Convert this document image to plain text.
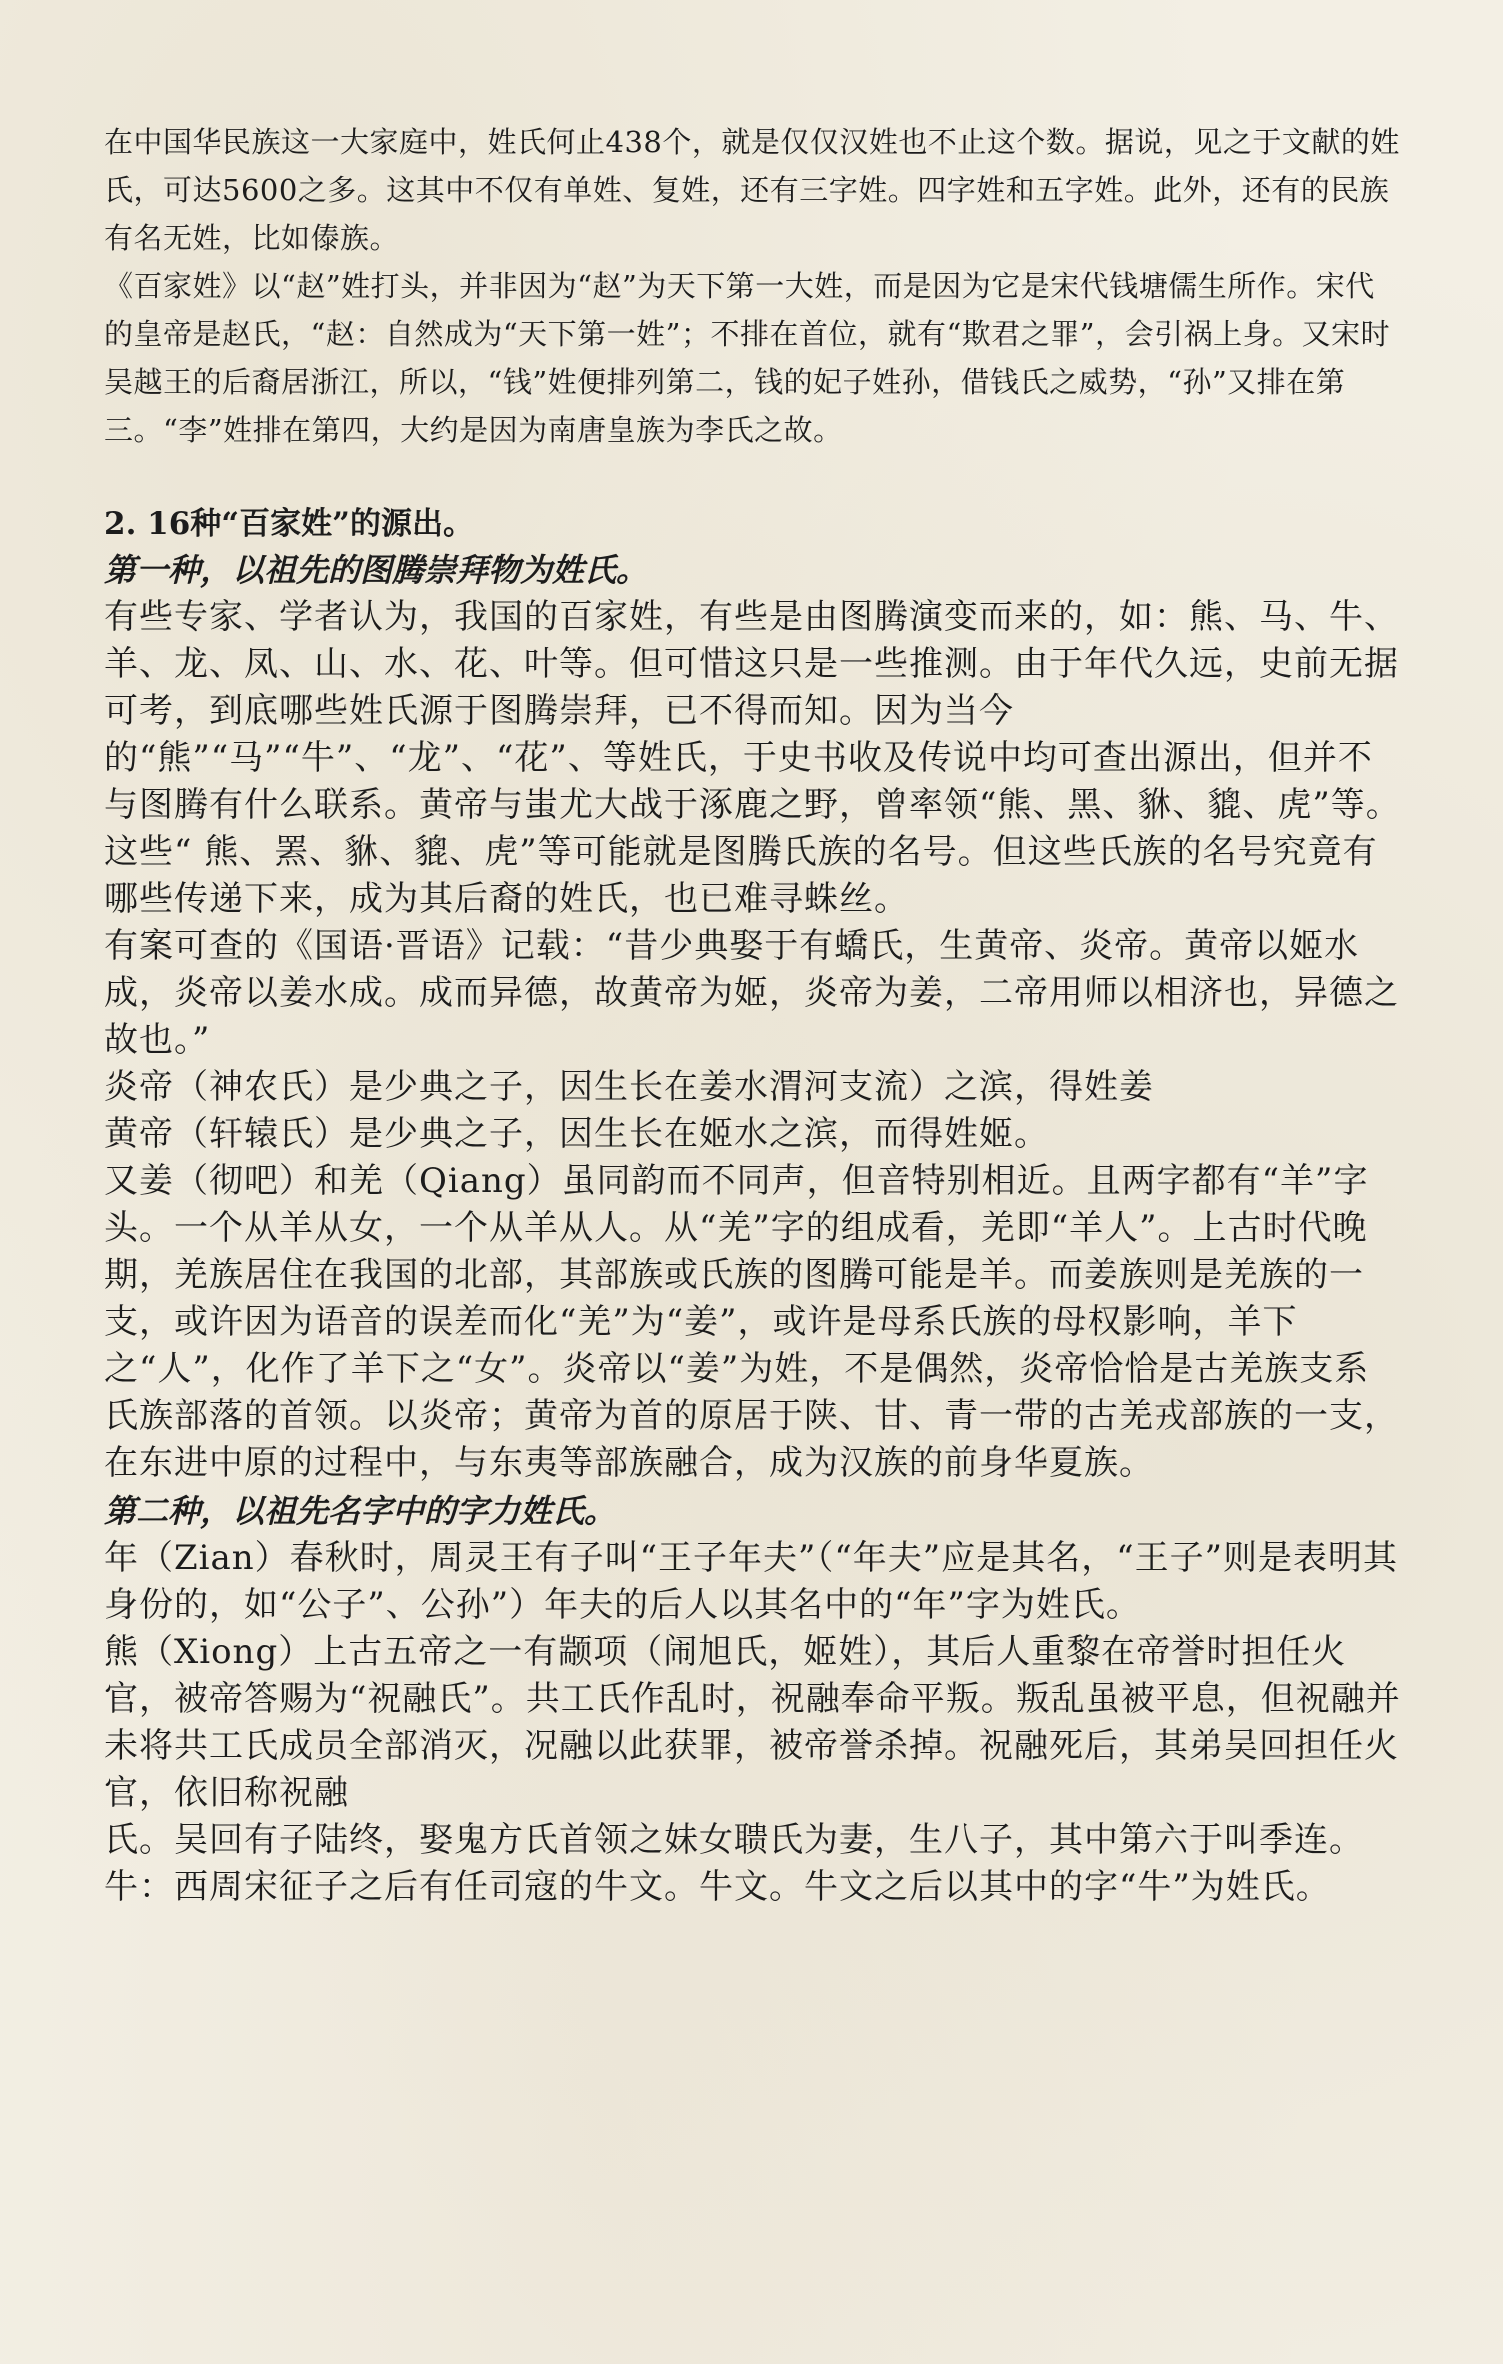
在中国华民族这一大家庭中，姓氏何止438个，就是仅仅汉姓也不止这个数。据说，见之于文献的姓氏，可达5600之多。这其中不仅有单姓、复姓，还有三字姓。四字姓和五字姓。此外，还有的民族有名无姓，比如傣族。

《百家姓》以“赵”姓打头，并非因为“赵”为天下第一大姓，而是因为它是宋代钱塘儒生所作。宋代的皇帝是赵氏，“赵：自然成为“天下第一姓”；不排在首位，就有“欺君之罪”，会引祸上身。又宋时吴越王的后裔居浙江，所以，“钱”姓便排列第二，钱的妃子姓孙，借钱氏之威势，“孙”又排在第三。“李”姓排在第四，大约是因为南唐皇族为李氏之故。

2. 16种“百家姓”的源出。
第一种，以祖先的图腾崇拜物为姓氏。

有些专家、学者认为，我国的百家姓，有些是由图腾演变而来的，如：熊、马、牛、羊、龙、凤、山、水、花、叶等。但可惜这只是一些推测。由于年代久远，史前无据可考，到底哪些姓氏源于图腾崇拜，已不得而知。因为当今的“熊”“马”“牛”、“龙”、“花”、等姓氏，于史书收及传说中均可查出源出，但并不与图腾有什么联系。黄帝与蚩尤大战于涿鹿之野，曾率领“熊、黑、貅、貔、虎”等。这些“ 熊、罴、貅、貔、虎”等可能就是图腾氏族的名号。但这些氏族的名号究竟有哪些传递下来，成为其后裔的姓氏，也已难寻蛛丝。

有案可查的《国语·晋语》记载：“昔少典娶于有蟜氏，生黄帝、炎帝。黄帝以姬水成，炎帝以姜水成。成而异德，故黄帝为姬，炎帝为姜，二帝用师以相济也，异德之故也。”

炎帝（神农氏）是少典之子，因生长在姜水渭河支流）之滨，得姓姜

黄帝（轩辕氏）是少典之子，因生长在姬水之滨，而得姓姬。

又姜（彻吧）和羌（Qiang）虽同韵而不同声，但音特别相近。且两字都有“羊”字头。一个从羊从女，一个从羊从人。从“羌”字的组成看，羌即“羊人”。上古时代晚期，羌族居住在我国的北部，其部族或氏族的图腾可能是羊。而姜族则是羌族的一支，或许因为语音的误差而化“羌”为“姜”，或许是母系氏族的母权影响，羊下之“人”，化作了羊下之“女”。炎帝以“姜”为姓，不是偶然，炎帝恰恰是古羌族支系氏族部落的首领。以炎帝；黄帝为首的原居于陕、甘、青一带的古羌戎部族的一支，在东进中原的过程中，与东夷等部族融合，成为汉族的前身华夏族。

第二种，以祖先名字中的字力姓氏。

年（Zian）春秋时，周灵王有子叫“王子年夫”（“年夫”应是其名，“王子”则是表明其身份的，如“公子”、公孙”）年夫的后人以其名中的“年”字为姓氏。

熊（Xiong）上古五帝之一有颛项（闹旭氏，姬姓），其后人重黎在帝誉时担任火官，被帝答赐为“祝融氏”。共工氏作乱时，祝融奉命平叛。叛乱虽被平息，但祝融并未将共工氏成员全部消灭，况融以此获罪，被帝誉杀掉。祝融死后，其弟吴回担任火官，依旧称祝融

氏。吴回有子陆终，娶鬼方氏首领之妹女聩氏为妻，生八子，其中第六于叫季连。

牛：西周宋征子之后有任司寇的牛文。牛文。牛文之后以其中的字“牛”为姓氏。
